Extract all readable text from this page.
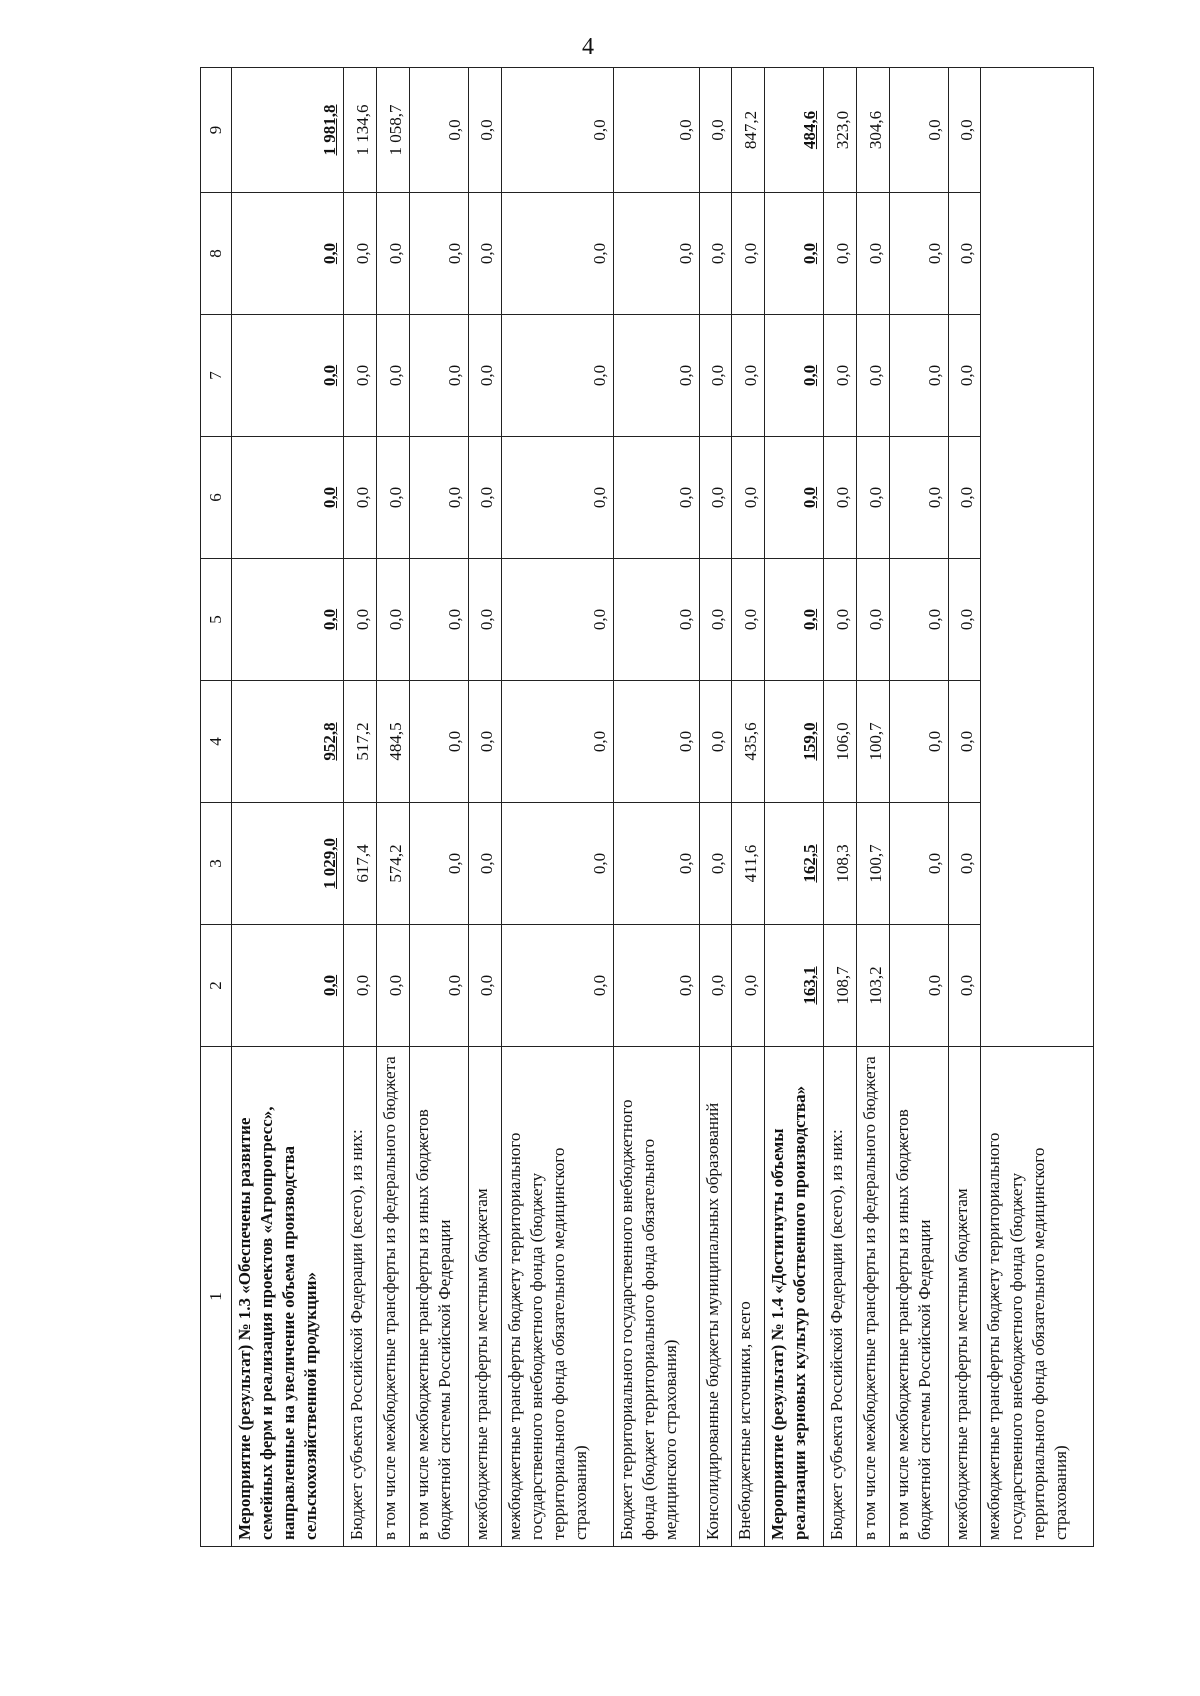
4
1	2	3	4	5	6	7	8	9
Мероприятие (результат) № 1.3 «Обеспечены развитие семейных ферм и реализация проектов «Агропрогресс», направленные на увеличение объема производства сельскохозяйственной продукции»	0,0	1 029,0	952,8	0,0	0,0	0,0	0,0	1 981,8
Бюджет субъекта Российской Федерации (всего), из них:	0,0	617,4	517,2	0,0	0,0	0,0	0,0	1 134,6
в том числе межбюджетные трансферты из федерального бюджета	0,0	574,2	484,5	0,0	0,0	0,0	0,0	1 058,7
в том числе межбюджетные трансферты из иных бюджетов бюджетной системы Российской Федерации	0,0	0,0	0,0	0,0	0,0	0,0	0,0	0,0
межбюджетные трансферты местным бюджетам	0,0	0,0	0,0	0,0	0,0	0,0	0,0	0,0
межбюджетные трансферты бюджету территориального государственного внебюджетного фонда (бюджету территориального фонда обязательного медицинского страхования)	0,0	0,0	0,0	0,0	0,0	0,0	0,0	0,0
Бюджет территориального государственного внебюджетного фонда (бюджет территориального фонда обязательного медицинского страхования)	0,0	0,0	0,0	0,0	0,0	0,0	0,0	0,0
Консолидированные бюджеты муниципальных образований	0,0	0,0	0,0	0,0	0,0	0,0	0,0	0,0
Внебюджетные источники, всего	0,0	411,6	435,6	0,0	0,0	0,0	0,0	847,2
Мероприятие (результат) № 1.4 «Достигнуты объемы реализации зерновых культур собственного производства»	163,1	162,5	159,0	0,0	0,0	0,0	0,0	484,6
Бюджет субъекта Российской Федерации (всего), из них:	108,7	108,3	106,0	0,0	0,0	0,0	0,0	323,0
в том числе межбюджетные трансферты из федерального бюджета	103,2	100,7	100,7	0,0	0,0	0,0	0,0	304,6
в том числе межбюджетные трансферты из иных бюджетов бюджетной системы Российской Федерации	0,0	0,0	0,0	0,0	0,0	0,0	0,0	0,0
межбюджетные трансферты местным бюджетам	0,0	0,0	0,0	0,0	0,0	0,0	0,0	0,0
межбюджетные трансферты бюджету территориального государственного внебюджетного фонда (бюджету территориального фонда обязательного медицинского страхования)								
